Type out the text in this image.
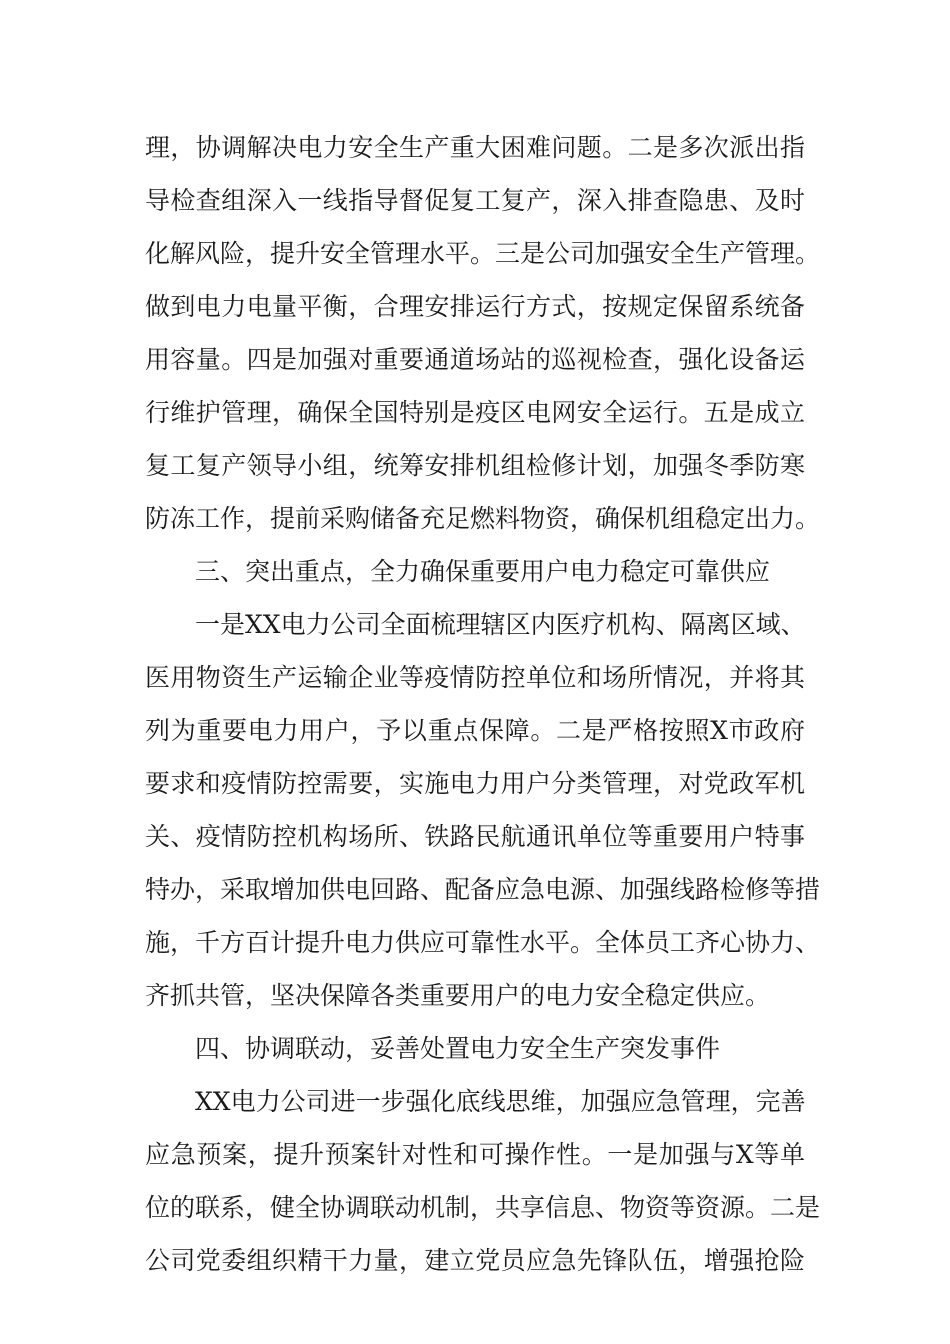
理，协调解决电力安全生产重大困难问题。二是多次派出指
导检查组深入一线指导督促复工复产，深入排查隐患、及时
化解风险，提升安全管理水平。三是公司加强安全生产管理。
做到电力电量平衡，合理安排运行方式，按规定保留系统备
用容量。四是加强对重要通道场站的巡视检查，强化设备运
行维护管理，确保全国特别是疫区电网安全运行。五是成立
复工复产领导小组，统筹安排机组检修计划，加强冬季防寒
防冻工作，提前采购储备充足燃料物资，确保机组稳定出力。
三、突出重点，全力确保重要用户电力稳定可靠供应
一是XX电力公司全面梳理辖区内医疗机构、隔离区域、
医用物资生产运输企业等疫情防控单位和场所情况，并将其
列为重要电力用户，予以重点保障。二是严格按照X市政府
要求和疫情防控需要，实施电力用户分类管理，对党政军机
关、疫情防控机构场所、铁路民航通讯单位等重要用户特事
特办，采取增加供电回路、配备应急电源、加强线路检修等措
施，千方百计提升电力供应可靠性水平。全体员工齐心协力、
齐抓共管，坚决保障各类重要用户的电力安全稳定供应。
四、协调联动，妥善处置电力安全生产突发事件
XX电力公司进一步强化底线思维，加强应急管理，完善
应急预案，提升预案针对性和可操作性。一是加强与X等单
位的联系，健全协调联动机制，共享信息、物资等资源。二是
公司党委组织精干力量，建立党员应急先锋队伍，增强抢险
